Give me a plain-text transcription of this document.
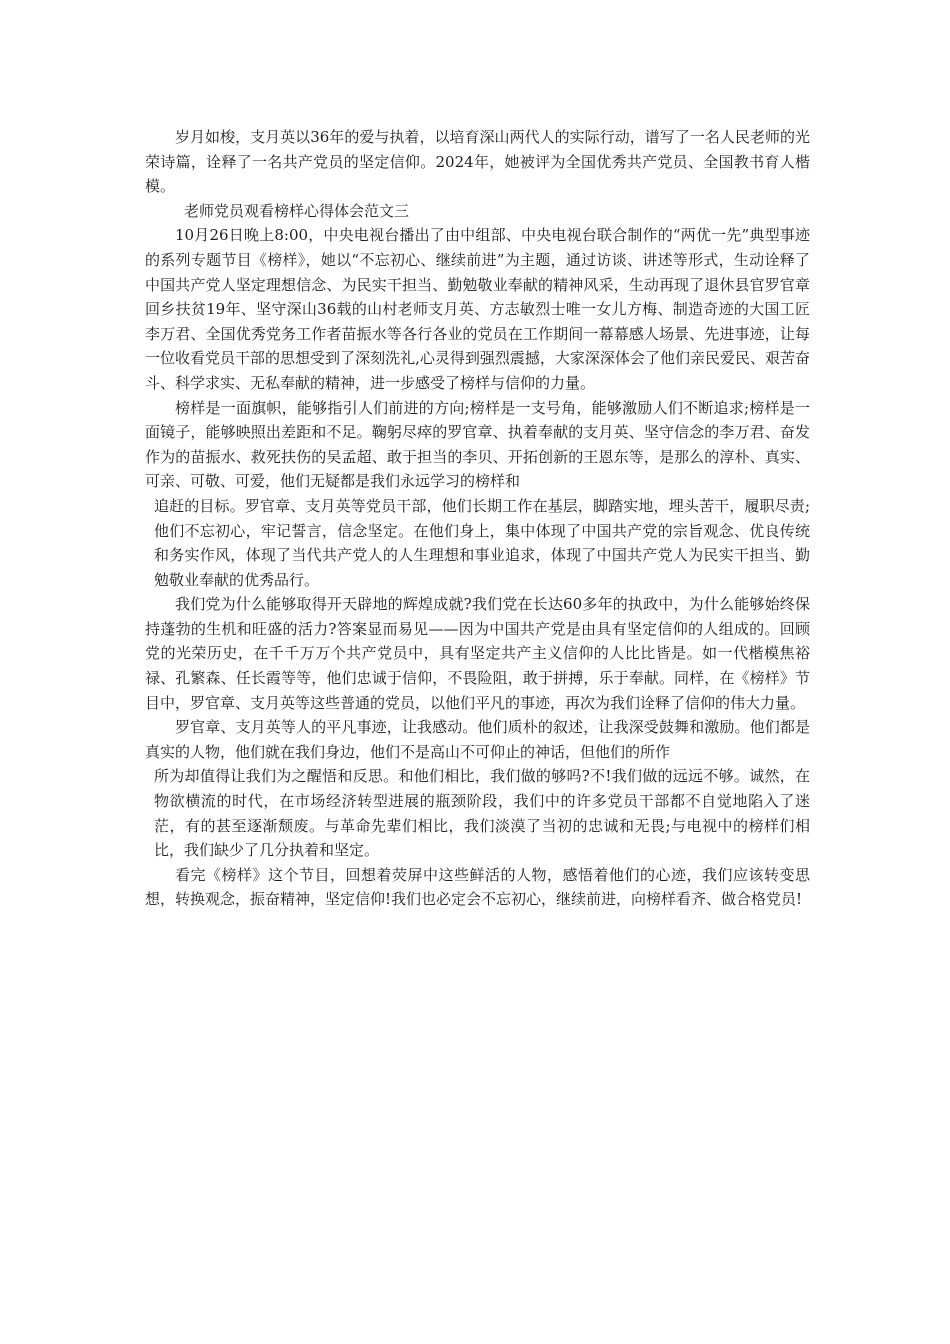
岁月如梭，支月英以36年的爱与执着，以培育深山两代人的实际行动，谱写了一名人民老师的光荣诗篇，诠释了一名共产党员的坚定信仰。2024年，她被评为全国优秀共产党员、全国教书育人楷模。

老师党员观看榜样心得体会范文三

10月26日晚上8:00，中央电视台播出了由中组部、中央电视台联合制作的“两优一先”典型事迹的系列专题节目《榜样》，她以“不忘初心、继续前进”为主题，通过访谈、讲述等形式，生动诠释了中国共产党人坚定理想信念、为民实干担当、勤勉敬业奉献的精神风采，生动再现了退休县官罗官章回乡扶贫19年、坚守深山36载的山村老师支月英、方志敏烈士唯一女儿方梅、制造奇迹的大国工匠李万君、全国优秀党务工作者苗振水等各行各业的党员在工作期间一幕幕感人场景、先进事迹，让每一位收看党员干部的思想受到了深刻洗礼,心灵得到强烈震撼，大家深深体会了他们亲民爱民、艰苦奋斗、科学求实、无私奉献的精神，进一步感受了榜样与信仰的力量。

榜样是一面旗帜，能够指引人们前进的方向;榜样是一支号角，能够激励人们不断追求;榜样是一面镜子，能够映照出差距和不足。鞠躬尽瘁的罗官章、执着奉献的支月英、坚守信念的李万君、奋发作为的苗振水、救死扶伤的吴孟超、敢于担当的李贝、开拓创新的王恩东等，是那么的淳朴、真实、可亲、可敬、可爱，他们无疑都是我们永远学习的榜样和

追赶的目标。罗官章、支月英等党员干部，他们长期工作在基层，脚踏实地，埋头苦干，履职尽责;他们不忘初心，牢记誓言，信念坚定。在他们身上，集中体现了中国共产党的宗旨观念、优良传统和务实作风，体现了当代共产党人的人生理想和事业追求，体现了中国共产党人为民实干担当、勤勉敬业奉献的优秀品行。

我们党为什么能够取得开天辟地的辉煌成就?我们党在长达60多年的执政中，为什么能够始终保持蓬勃的生机和旺盛的活力?答案显而易见——因为中国共产党是由具有坚定信仰的人组成的。回顾党的光荣历史，在千千万万个共产党员中，具有坚定共产主义信仰的人比比皆是。如一代楷模焦裕禄、孔繁森、任长霞等等，他们忠诚于信仰，不畏险阻，敢于拼搏，乐于奉献。同样，在《榜样》节目中，罗官章、支月英等这些普通的党员，以他们平凡的事迹，再次为我们诠释了信仰的伟大力量。

罗官章、支月英等人的平凡事迹，让我感动。他们质朴的叙述，让我深受鼓舞和激励。他们都是真实的人物，他们就在我们身边，他们不是高山不可仰止的神话，但他们的所作

所为却值得让我们为之醒悟和反思。和他们相比，我们做的够吗?不!我们做的远远不够。诚然，在物欲横流的时代，在市场经济转型进展的瓶颈阶段，我们中的许多党员干部都不自觉地陷入了迷茫，有的甚至逐渐颓废。与革命先辈们相比，我们淡漠了当初的忠诚和无畏;与电视中的榜样们相比，我们缺少了几分执着和坚定。

看完《榜样》这个节目，回想着荧屏中这些鲜活的人物，感悟着他们的心迹，我们应该转变思想，转换观念，振奋精神，坚定信仰!我们也必定会不忘初心，继续前进，向榜样看齐、做合格党员!
